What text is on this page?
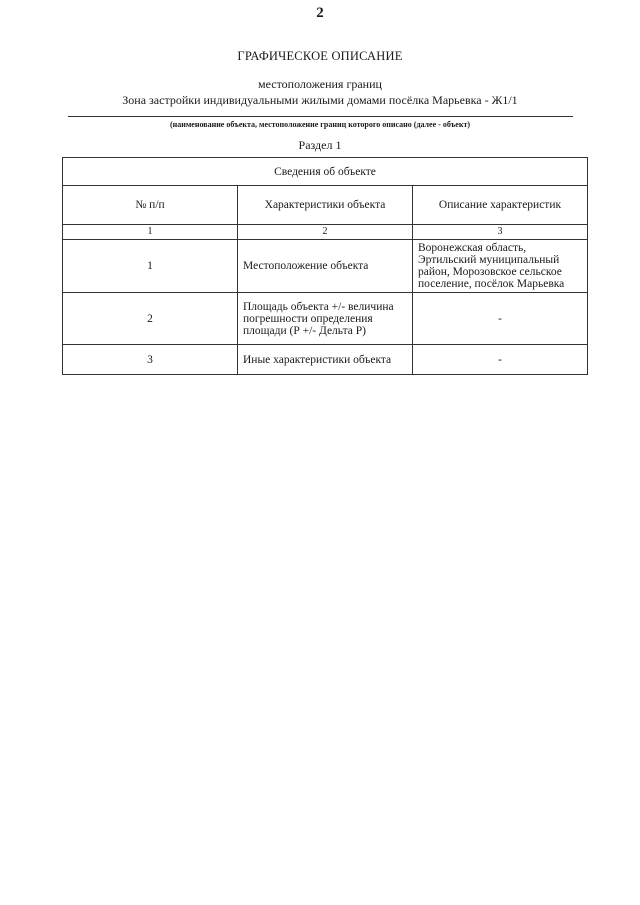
2
ГРАФИЧЕСКОЕ ОПИСАНИЕ
местоположения границ
Зона застройки индивидуальными жилыми домами посёлка Марьевка - Ж1/1
(наименование объекта, местоположение границ которого описано (далее - объект)
Раздел 1
Сведения об объекте		
№ п/п	Характеристики объекта	Описание характеристик
1	2	3
1	Местоположение объекта	Воронежская область, Эртильский муниципальный район, Морозовское сельское поселение, посёлок Марьевка
2	Площадь объекта +/- величина погрешности определения площади (Р +/- Дельта Р)	-
3	Иные характеристики объекта	-
